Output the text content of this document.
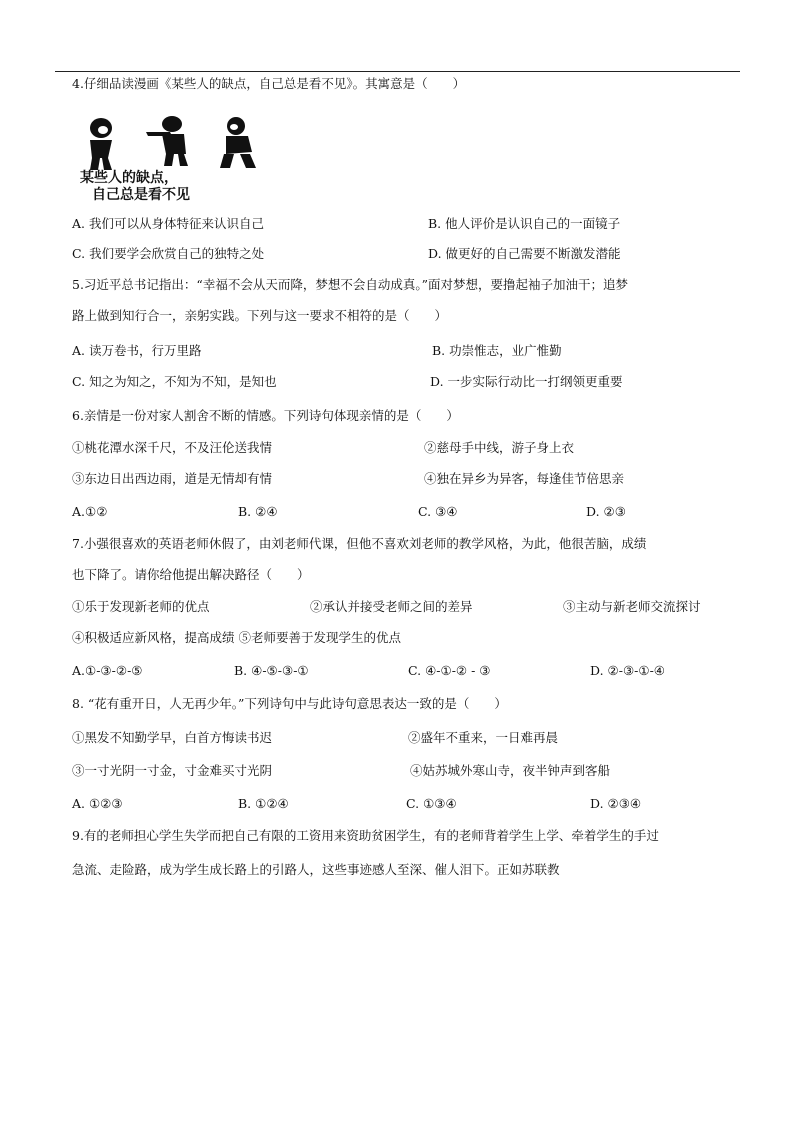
4.仔细品读漫画《某些人的缺点，自己总是看不见》。其寓意是（　　）
某些人的缺点，
自己总是看不见
A. 我们可以从身体特征来认识自己	B. 他人评价是认识自己的一面镜子
C. 我们要学会欣赏自己的独特之处	D. 做更好的自己需要不断激发潜能
5.习近平总书记指出：“幸福不会从天而降，梦想不会自动成真。”面对梦想，要撸起袖子加油干；追梦
路上做到知行合一，亲躬实践。下列与这一要求不相符的是（　　）
A. 读万卷书，行万里路	B. 功崇惟志，业广惟勤
C. 知之为知之，不知为不知，是知也	D. 一步实际行动比一打纲领更重要
6.亲情是一份对家人割舍不断的情感。下列诗句体现亲情的是（　　）
①桃花潭水深千尺，不及汪伦送我情	②慈母手中线，游子身上衣
③东边日出西边雨，道是无情却有情	④独在异乡为异客，每逢佳节倍思亲
A.①②	B. ②④	C. ③④	D. ②③
7.小强很喜欢的英语老师休假了，由刘老师代课，但他不喜欢刘老师的教学风格，为此，他很苦脑，成绩
也下降了。请你给他提出解决路径（　　）
①乐于发现新老师的优点	②承认并接受老师之间的差异	③主动与新老师交流探讨
④积极适应新风格，提高成绩 ⑤老师要善于发现学生的优点
A.①-③-②-⑤	B. ④-⑤-③-①	C. ④-①-② - ③	D. ②-③-①-④
8. “花有重开日，人无再少年。”下列诗句中与此诗句意思表达一致的是（　　）
①黑发不知勤学早，白首方悔读书迟	②盛年不重来，一日难再晨
③一寸光阴一寸金，寸金难买寸光阴	④姑苏城外寒山寺，夜半钟声到客船
A. ①②③	B. ①②④	C. ①③④	D. ②③④
9.有的老师担心学生失学而把自己有限的工资用来资助贫困学生，有的老师背着学生上学、牵着学生的手过
急流、走险路，成为学生成长路上的引路人，这些事迹感人至深、催人泪下。正如苏联教
